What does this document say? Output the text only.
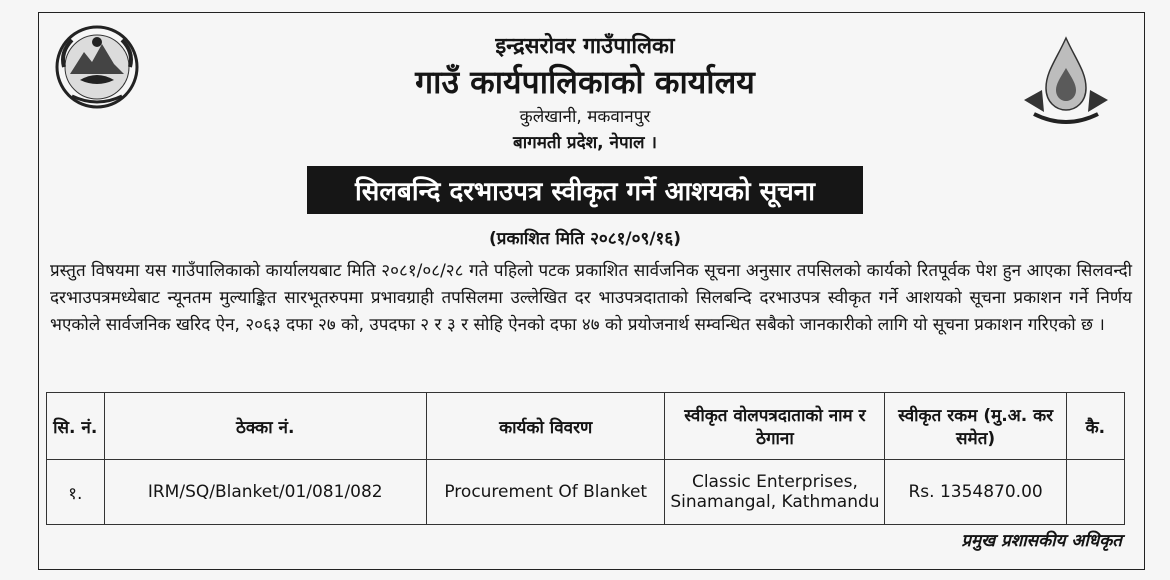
इन्द्रसरोवर गाउँपालिका
गाउँ कार्यपालिकाको कार्यालय
कुलेखानी, मकवानपुर
बागमती प्रदेश, नेपाल ।
सिलबन्दि दरभाउपत्र स्वीकृत गर्ने आशयको सूचना
(प्रकाशित मिति २०८१/०९/१६)
प्रस्तुत विषयमा यस गाउँपालिकाको कार्यालयबाट मिति २०८१/०८/२८ गते पहिलो पटक प्रकाशित सार्वजनिक सूचना अनुसार तपसिलको कार्यको रितपूर्वक पेश हुन आएका सिलवन्दी दरभाउपत्रमध्येबाट न्यूनतम मुल्याङ्कित सारभूतरुपमा प्रभावग्राही तपसिलमा उल्लेखित दर भाउपत्रदाताको सिलबन्दि दरभाउपत्र स्वीकृत गर्ने आशयको सूचना प्रकाशन गर्ने निर्णय भएकोले सार्वजनिक खरिद ऐन, २०६३ दफा २७ को, उपदफा २ र ३ र सोहि ऐनको दफा ४७ को प्रयोजनार्थ सम्वन्धित सबैको जानकारीको लागि यो सूचना प्रकाशन गरिएको छ ।
सि. नं.	ठेक्का नं.	कार्यको विवरण	स्वीकृत वोलपत्रदाताको नाम र ठेगाना	स्वीकृत रकम (मु.अ. कर समेत)	कै.
१.	IRM/SQ/Blanket/01/081/082	Procurement Of Blanket	Classic Enterprises, Sinamangal, Kathmandu	Rs. 1354870.00	
प्रमुख प्रशासकीय अधिकृत
